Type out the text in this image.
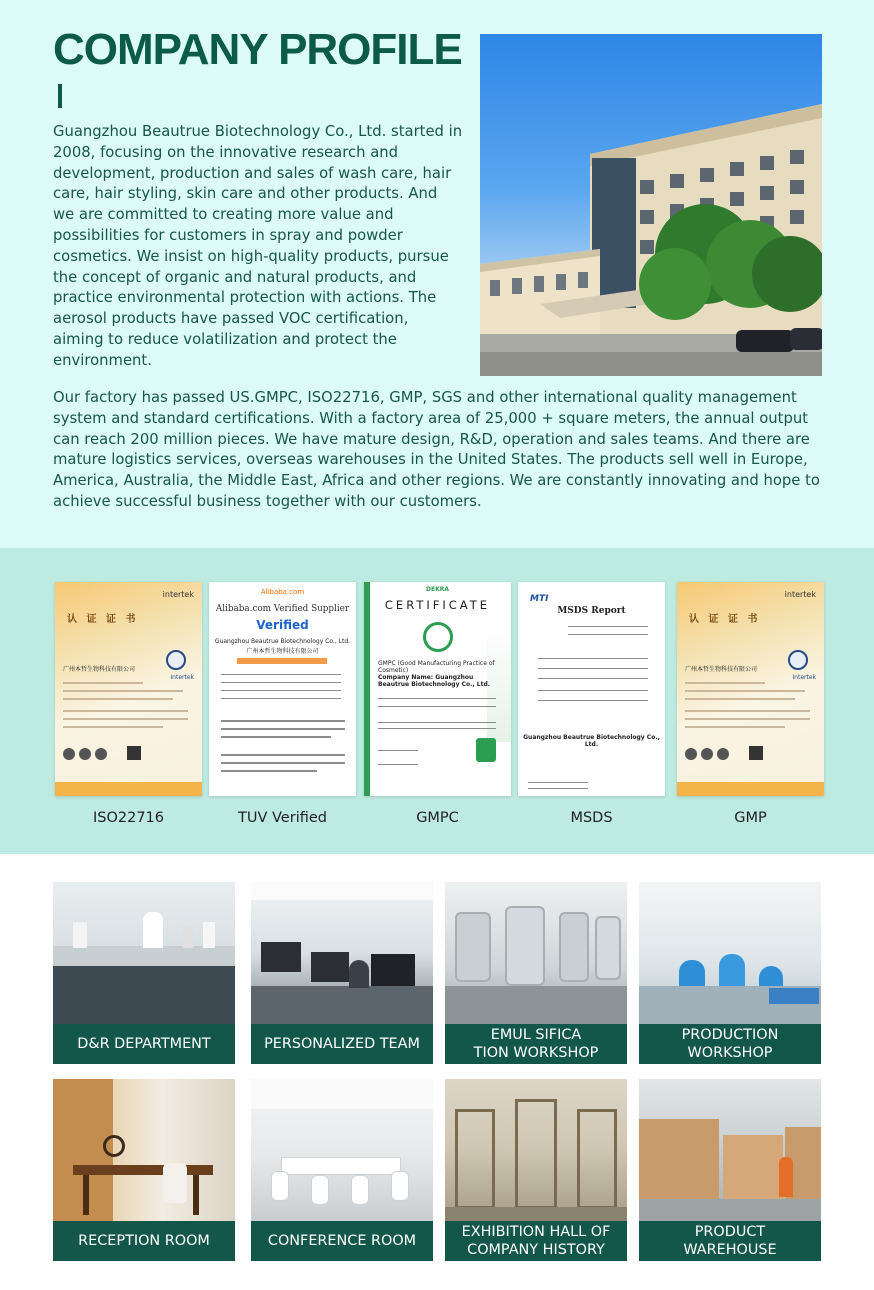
COMPANY PROFILE

Guangzhou Beautrue Biotechnology Co., Ltd. started in 2008, focusing on the innovative research and development, production and sales of wash care, hair care, hair styling, skin care and other products. And we are committed to creating more value and possibilities for customers in spray and powder cosmetics. We insist on high-quality products, pursue the concept of organic and natural products, and practice environmental protection with actions. The aerosol products have passed VOC certification, aiming to reduce volatilization and protect the environment.

Our factory has passed US.GMPC, ISO22716, GMP, SGS and other international quality management system and standard certifications. With a factory area of 25,000 + square meters, the annual output can reach 200 million pieces. We have mature design, R&D, operation and sales teams. And there are mature logistics services, overseas warehouses in the United States. The products sell well in Europe, America, Australia, the Middle East, Africa and other regions. We are constantly innovating and hope to achieve successful business together with our customers.

intertek
认 证 证 书
Intertek
广州本哲生物科技有限公司
ISO22716
Alibaba.com
Alibaba.com Verified Supplier
Verified
Guangzhou Beautrue Biotechnology Co., Ltd.
广州本哲生物科技有限公司
TUV Verified
DEKRA
CERTIFICATE
GMPC (Good Manufacturing Practice of Cosmetic)
Company Name: Guangzhou Beautrue Biotechnology Co., Ltd.
GMPC
MTI
MSDS Report
Guangzhou Beautrue Biotechnology Co., Ltd.
MSDS
intertek
认 证 证 书
Intertek
广州本哲生物科技有限公司
GMP
D&R DEPARTMENT	PERSONALIZED TEAM
EMUL SIFICA
TION WORKSHOP
PRODUCTION
WORKSHOP
RECEPTION ROOM	CONFERENCE ROOM
EXHIBITION HALL OF
COMPANY HISTORY
PRODUCT
WAREHOUSE
